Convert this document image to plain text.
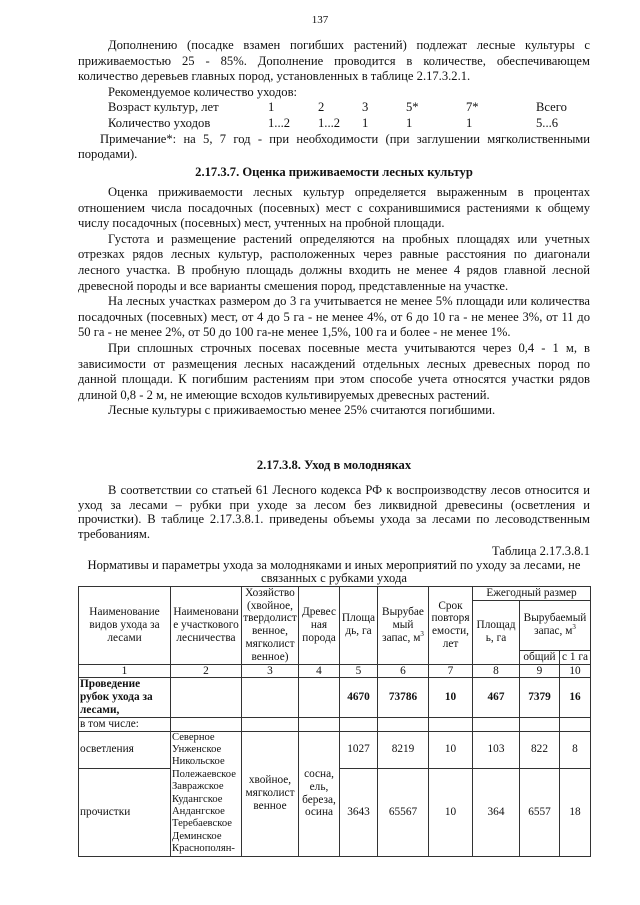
137

Дополнению (посадке взамен погибших растений) подлежат лесные культуры с приживаемостью 25 - 85%. Дополнение проводится в количестве, обеспечивающем количество деревьев главных пород, установленных в таблице 2.17.3.2.1.

Рекомендуемое количество уходов:

Возраст культур, лет	1	2	3	5*	7*	Всего
Количество уходов	1...2	1...2	1	1	1	5...6

Примечание*: на 5, 7 год - при необходимости (при заглушении мягколиственными породами).

2.17.3.7. Оценка приживаемости лесных культур

Оценка приживаемости лесных культур определяется выраженным в процентах отношением числа посадочных (посевных) мест с сохранившимися растениями к общему числу посадочных (посевных) мест, учтенных на пробной площади.

Густота и размещение растений определяются на пробных площадях или учетных отрезках рядов лесных культур, расположенных через равные расстояния по диагонали лесного участка. В пробную площадь должны входить не менее 4 рядов главной лесной древесной породы и все варианты смешения пород, представленные на участке.

На лесных участках размером до 3 га учитывается не менее 5% площади или количества посадочных (посевных) мест, от 4 до 5 га - не менее 4%, от 6 до 10 га - не менее 3%, от 11 до 50 га - не менее 2%, от 50 до 100 га-не менее 1,5%, 100 га и более - не менее 1%.

При сплошных строчных посевах посевные места учитываются через 0,4 - 1 м, в зависимости от размещения лесных насаждений отдельных лесных древесных пород по данной площади. К погибшим растениям при этом способе учета относятся участки рядов длиной 0,8 - 2 м, не имеющие всходов культивируемых древесных растений.

Лесные культуры с приживаемостью менее 25% считаются погибшими.

2.17.3.8. Уход в молодняках

В соответствии со статьей 61 Лесного кодекса РФ к воспроизводству лесов относится и уход за лесами – рубки при уходе за лесом без ликвидной древесины (осветления и прочистки). В таблице 2.17.3.8.1. приведены объемы ухода за лесами по лесоводственным требованиям.

Таблица 2.17.3.8.1
Нормативы и параметры ухода за молодняками и иных мероприятий по уходу за лесами, не связанных с рубками ухода
Наименование видов ухода за лесами	Наименование участкового лесничества	Хозяйство (хвойное, твердолиственное, мягколиственное)	Древесная порода	Площадь, га	Вырубаемый запас, $м^3$	Срок повторяемости, лет	Ежегодный размер		
							Площадь, га	Вырубаемый запас, $м^3$
								общий	с 1 га
1	2	3	4	5	6	7	8	9	10
Проведение рубок ухода за лесами,				4670	73786	10	467	7379	16
в том числе:									
осветления	Северное Унженское Никольское Полежаевское Завражское Кудангское Андангское Теребаевское Деминское Краснополян-	хвойное, мягколиственное	сосна, ель, береза, осина	1027	8219	10	103	822	8
прочистки				3643	65567	10	364	6557	18
